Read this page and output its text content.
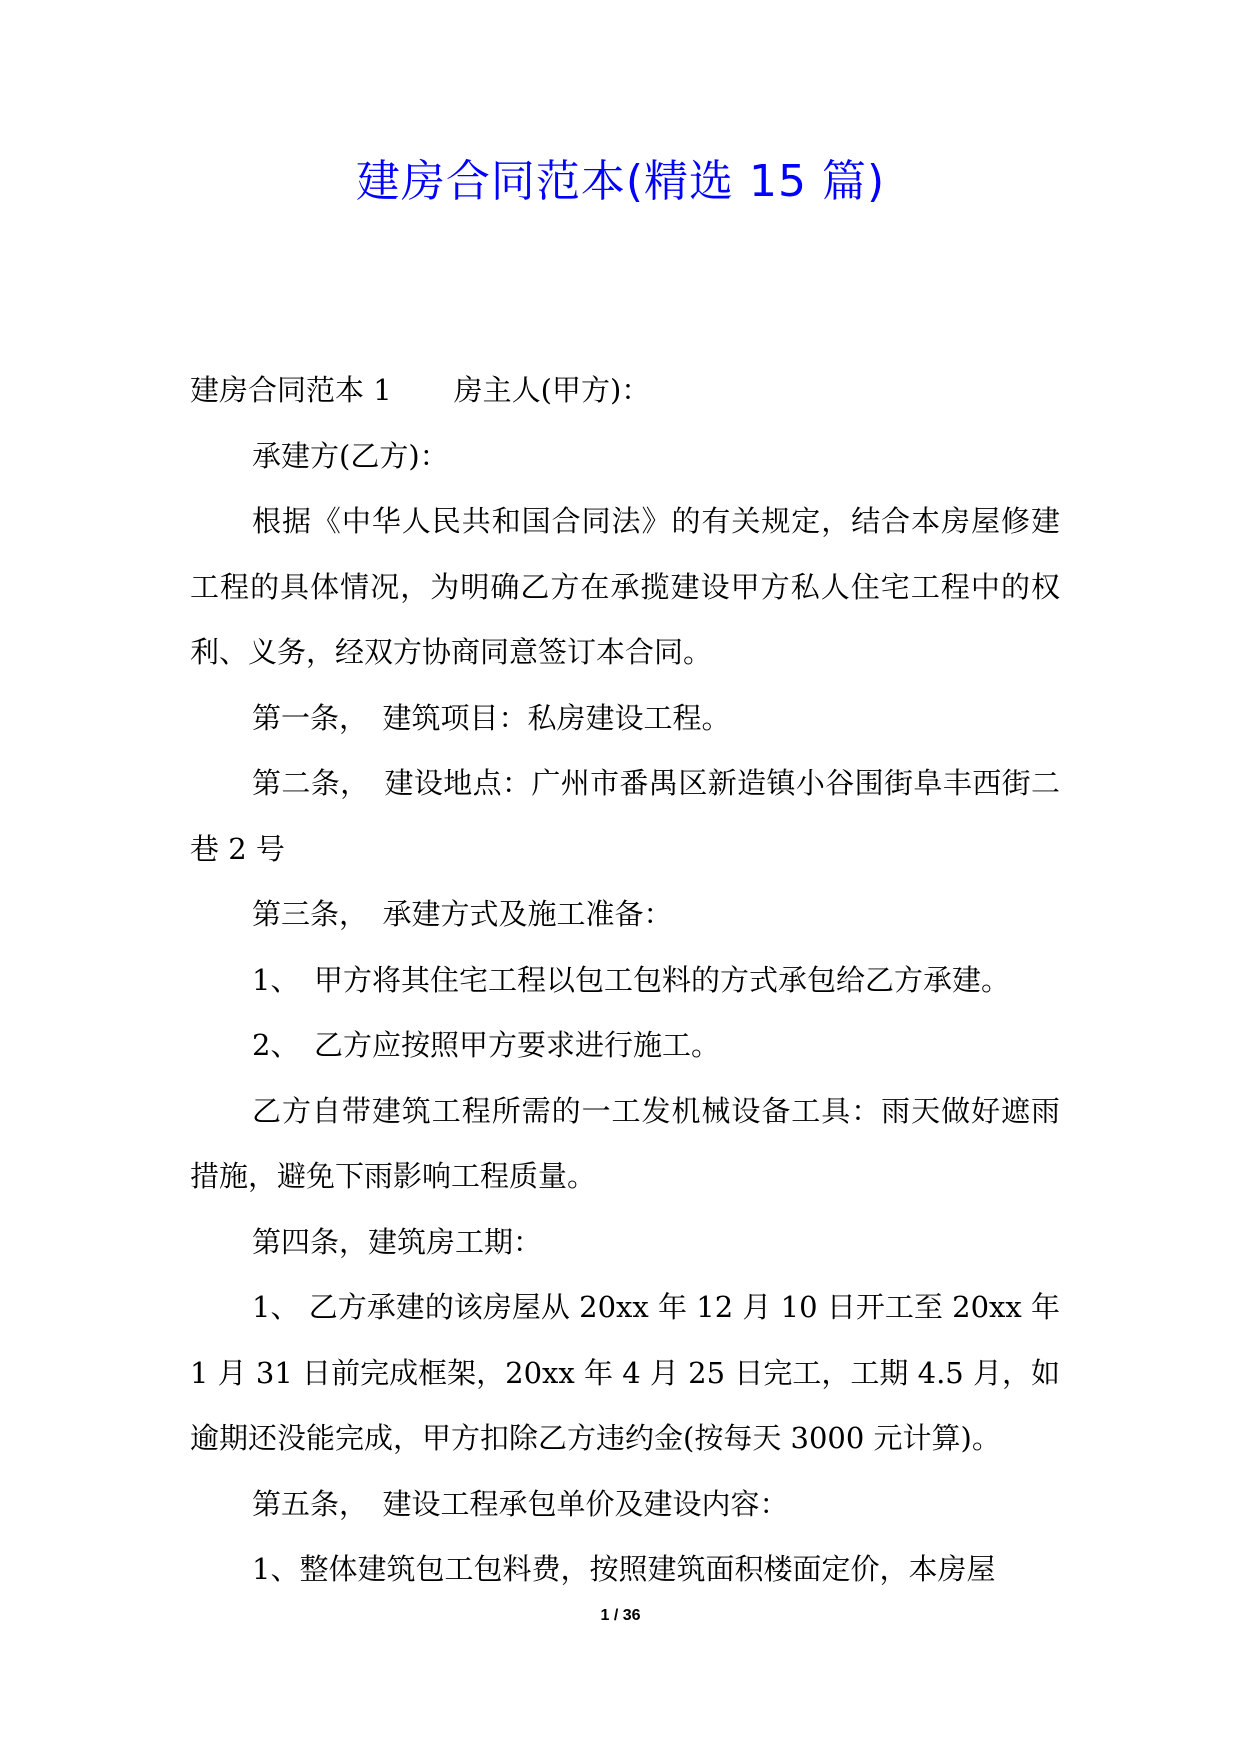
建房合同范本(精选 15 篇)

建房合同范本 1 房主人(甲方)：

承建方(乙方)：

根据《中华人民共和国合同法》的有关规定，结合本房屋修建工程的具体情况，为明确乙方在承揽建设甲方私人住宅工程中的权利、义务，经双方协商同意签订本合同。

第一条，　建筑项目：私房建设工程。

第二条，　建设地点：广州市番禺区新造镇小谷围街阜丰西街二巷 2 号

第三条，　承建方式及施工准备：

1、　甲方将其住宅工程以包工包料的方式承包给乙方承建。

2、　乙方应按照甲方要求进行施工。

乙方自带建筑工程所需的一工发机械设备工具：雨天做好遮雨措施，避免下雨影响工程质量。

第四条，建筑房工期：

1、 乙方承建的该房屋从 20xx 年 12 月 10 日开工至 20xx 年 1 月 31 日前完成框架，20xx 年 4 月 25 日完工，工期 4.5 月，如逾期还没能完成，甲方扣除乙方违约金(按每天 3000 元计算)。

第五条，　建设工程承包单价及建设内容：

1、整体建筑包工包料费，按照建筑面积楼面定价，本房屋

1 / 36
